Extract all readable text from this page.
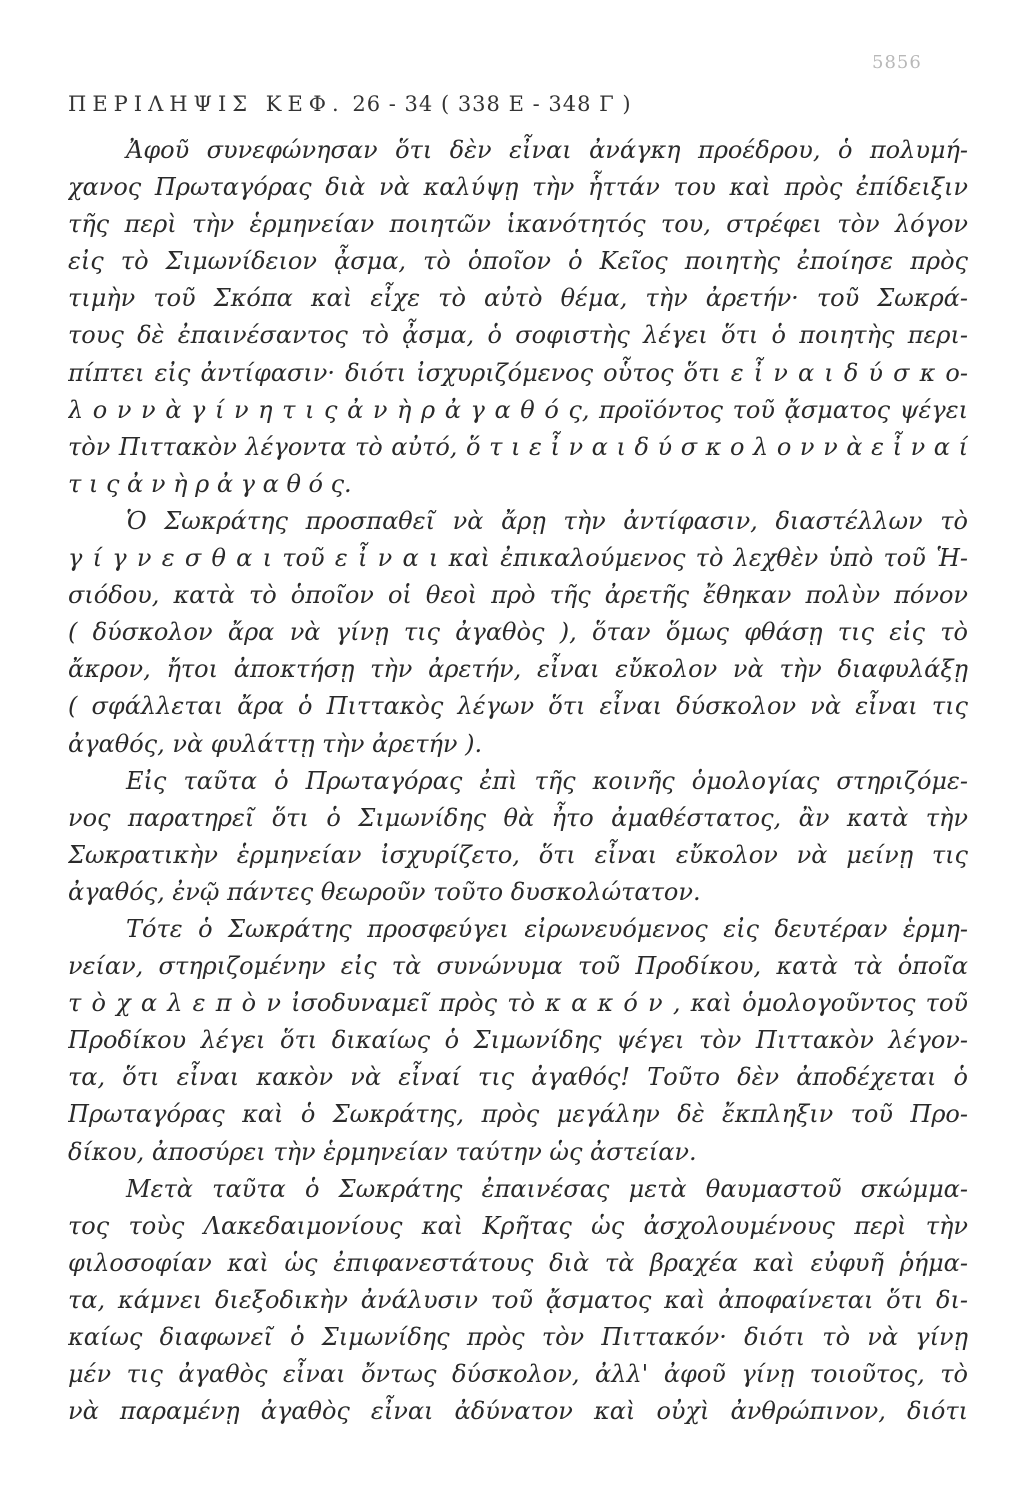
5856
ΠΕΡΙΛΗΨΙΣ ΚΕΦ. 26 - 34 ( 338 Ε - 348 Γ )
Ἀφοῦ συνεφώνησαν ὅτι δὲν εἶναι ἀνάγκη προέδρου, ὁ πολυμή-
χανος Πρωταγόρας διὰ νὰ καλύψῃ τὴν ἧττάν του καὶ πρὸς ἐπίδειξιν
τῆς περὶ τὴν ἑρμηνείαν ποιητῶν ἱκανότητός του, στρέφει τὸν λόγον
εἰς τὸ Σιμωνίδειον ᾆσμα, τὸ ὁποῖον ὁ Κεῖος ποιητὴς ἐποίησε πρὸς
τιμὴν τοῦ Σκόπα καὶ εἶχε τὸ αὐτὸ θέμα, τὴν ἀρετήν· τοῦ Σωκρά-
τους δὲ ἐπαινέσαντος τὸ ᾆσμα, ὁ σοφιστὴς λέγει ὅτι ὁ ποιητὴς περι-
πίπτει εἰς ἀντίφασιν· διότι ἰσχυριζόμενος οὗτος ὅτι ε ἶ ν α ι δ ύ σ κ ο-
λ ο ν ν ὰ γ ί ν η τ ι ς ἀ ν ὴ ρ ἀ γ α θ ό ς, προϊόντος τοῦ ᾄσματος ψέγει
τὸν Πιττακὸν λέγοντα τὸ αὐτό, ὅ τ ι ε ἶ ν α ι δ ύ σ κ ο λ ο ν ν ὰ ε ἶ ν α ί
τ ι ς ἀ ν ὴ ρ ἀ γ α θ ό ς.
Ὁ Σωκράτης προσπαθεῖ νὰ ἄρῃ τὴν ἀντίφασιν, διαστέλλων τὸ
γ ί γ ν ε σ θ α ι τοῦ ε ἶ ν α ι καὶ ἐπικαλούμενος τὸ λεχθὲν ὑπὸ τοῦ Ἡ-
σιόδου, κατὰ τὸ ὁποῖον οἱ θεοὶ πρὸ τῆς ἀρετῆς ἔθηκαν πολὺν πόνον
( δύσκολον ἄρα νὰ γίνῃ τις ἀγαθὸς ), ὅταν ὅμως φθάσῃ τις εἰς τὸ
ἄκρον, ἤτοι ἀποκτήσῃ τὴν ἀρετήν, εἶναι εὔκολον νὰ τὴν διαφυλάξῃ
( σφάλλεται ἄρα ὁ Πιττακὸς λέγων ὅτι εἶναι δύσκολον νὰ εἶναι τις
ἀγαθός, νὰ φυλάττῃ τὴν ἀρετήν ).
Εἰς ταῦτα ὁ Πρωταγόρας ἐπὶ τῆς κοινῆς ὁμολογίας στηριζόμε-
νος παρατηρεῖ ὅτι ὁ Σιμωνίδης θὰ ἦτο ἀμαθέστατος, ἂν κατὰ τὴν
Σωκρατικὴν ἑρμηνείαν ἰσχυρίζετο, ὅτι εἶναι εὔκολον νὰ μείνῃ τις
ἀγαθός, ἐνῷ πάντες θεωροῦν τοῦτο δυσκολώτατον.
Τότε ὁ Σωκράτης προσφεύγει εἰρωνευόμενος εἰς δευτέραν ἑρμη-
νείαν, στηριζομένην εἰς τὰ συνώνυμα τοῦ Προδίκου, κατὰ τὰ ὁποῖα
τ ὸ χ α λ ε π ὸ ν ἰσοδυναμεῖ πρὸς τὸ κ α κ ό ν , καὶ ὁμολογοῦντος τοῦ
Προδίκου λέγει ὅτι δικαίως ὁ Σιμωνίδης ψέγει τὸν Πιττακὸν λέγον-
τα, ὅτι εἶναι κακὸν νὰ εἶναί τις ἀγαθός! Τοῦτο δὲν ἀποδέχεται ὁ
Πρωταγόρας καὶ ὁ Σωκράτης, πρὸς μεγάλην δὲ ἔκπληξιν τοῦ Προ-
δίκου, ἀποσύρει τὴν ἑρμηνείαν ταύτην ὡς ἀστείαν.
Μετὰ ταῦτα ὁ Σωκράτης ἐπαινέσας μετὰ θαυμαστοῦ σκώμμα-
τος τοὺς Λακεδαιμονίους καὶ Κρῆτας ὡς ἀσχολουμένους περὶ τὴν
φιλοσοφίαν καὶ ὡς ἐπιφανεστάτους διὰ τὰ βραχέα καὶ εὐφυῆ ῥήμα-
τα, κάμνει διεξοδικὴν ἀνάλυσιν τοῦ ᾄσματος καὶ ἀποφαίνεται ὅτι δι-
καίως διαφωνεῖ ὁ Σιμωνίδης πρὸς τὸν Πιττακόν· διότι τὸ νὰ γίνῃ
μέν τις ἀγαθὸς εἶναι ὄντως δύσκολον, ἀλλ' ἀφοῦ γίνῃ τοιοῦτος, τὸ
νὰ παραμένῃ ἀγαθὸς εἶναι ἀδύνατον καὶ οὐχὶ ἀνθρώπινον, διότι
